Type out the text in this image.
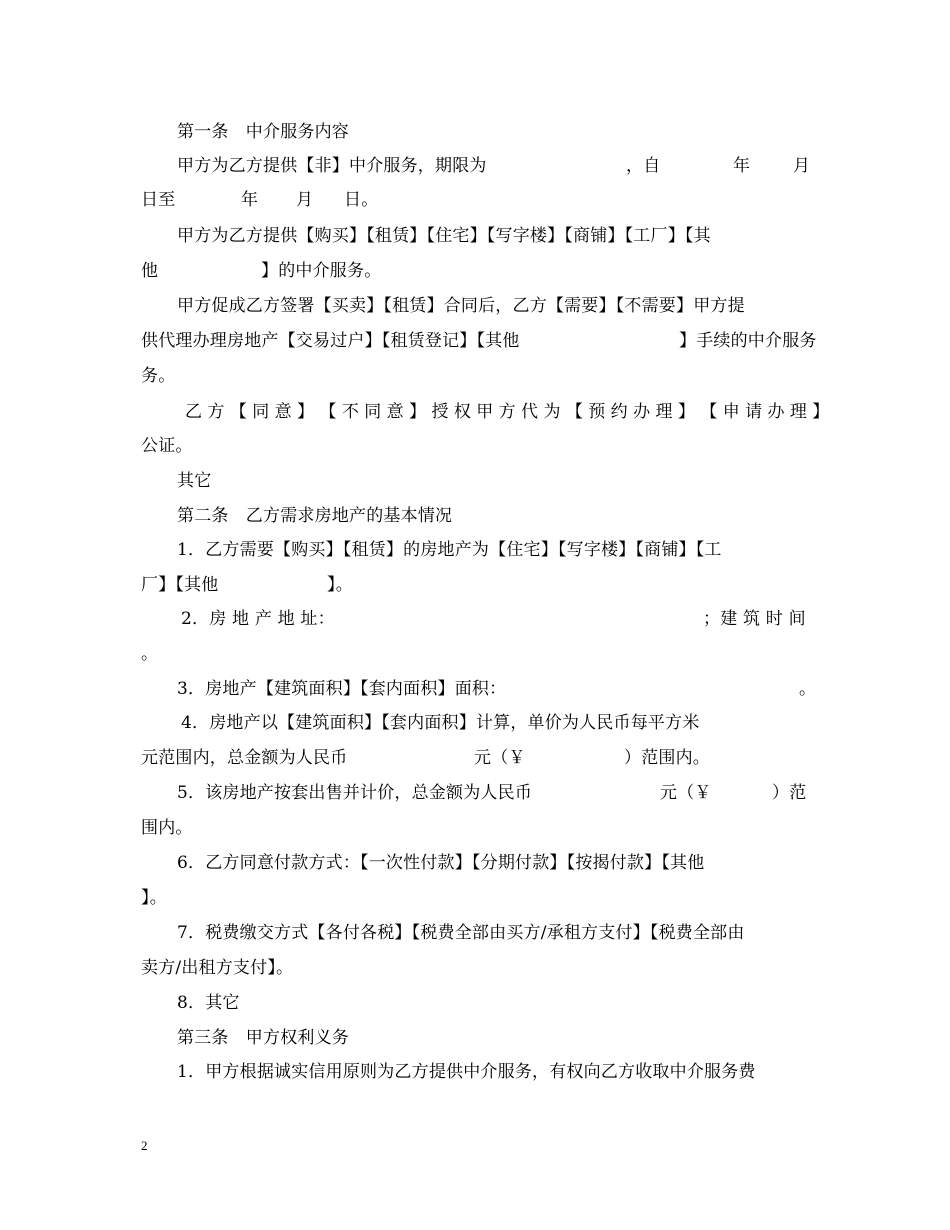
第一条　中介服务内容
甲方为乙方提供【非】中介服务，期限为	，自	年	月
日至	年 月 日。
甲方为乙方提供【购买】【租赁】【住宅】【写字楼】【商铺】【工厂】【其
他	】的中介服务。
甲方促成乙方签署【买卖】【租赁】合同后，乙方【需要】【不需要】甲方提
供代理办理房地产【交易过户】【租赁登记】【其他	】手续的中介服务
务。
乙 方 【 同 意 】 【 不 同 意 】 授 权 甲 方 代 为 【 预 约 办 理 】 【 申 请 办 理 】
公证。
其它
第二条　乙方需求房地产的基本情况
1．乙方需要【购买】【租赁】的房地产为【住宅】【写字楼】【商铺】【工
厂】【其他	】。
2．房 地 产 地 址：	；建 筑 时 间
。
3．房地产【建筑面积】【套内面积】面积：	。
4．房地产以【建筑面积】【套内面积】计算，单价为人民币每平方米
元范围内，总金额为人民币	元（￥	）范围内。
5．该房地产按套出售并计价，总金额为人民币	元（￥	）范
围内。
6．乙方同意付款方式：【一次性付款】【分期付款】【按揭付款】【其他
】。
7．税费缴交方式【各付各税】【税费全部由买方/承租方支付】【税费全部由
卖方/出租方支付】。
8．其它
第三条　甲方权利义务
1．甲方根据诚实信用原则为乙方提供中介服务，有权向乙方收取中介服务费
2
